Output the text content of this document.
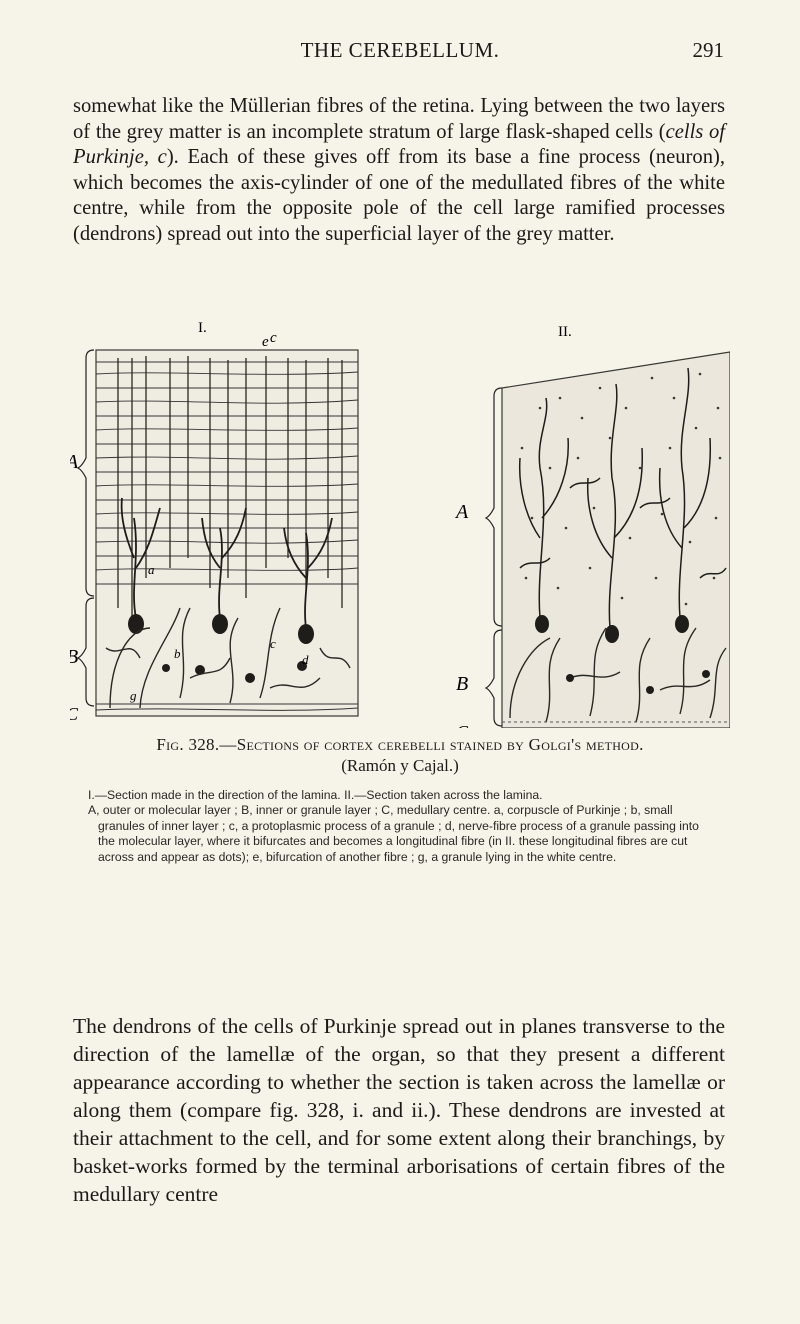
THE CEREBELLUM.	291

somewhat like the Müllerian fibres of the retina. Lying between the two layers of the grey matter is an incomplete stratum of large flask-shaped cells (cells of Purkinje, c). Each of these gives off from its base a fine process (neuron), which becomes the axis-cylinder of one of the medullated fibres of the white centre, while from the opposite pole of the cell large ramified processes (dendrons) spread out into the superficial layer of the grey matter.

I.
e c	II.
a
b
c
d
g
A
B

Fig. 328.—Sections of cortex cerebelli stained by Golgi's method.
(Ramón y Cajal.)

I.—Section made in the direction of the lamina. II.—Section taken across the lamina.

A, outer or molecular layer ; B, inner or granule layer ; C, medullary centre. a, corpuscle of Purkinje ; b, small granules of inner layer ; c, a protoplasmic process of a granule ; d, nerve-fibre process of a granule passing into the molecular layer, where it bifurcates and becomes a longitudinal fibre (in II. these longitudinal fibres are cut across and appear as dots); e, bifurcation of another fibre ; g, a granule lying in the white centre.

The dendrons of the cells of Purkinje spread out in planes transverse to the direction of the lamellæ of the organ, so that they present a different appearance according to whether the section is taken across the lamellæ or along them (compare fig. 328, i. and ii.). These dendrons are invested at their attachment to the cell, and for some extent along their branchings, by basket-works formed by the terminal arborisations of certain fibres of the medullary centre
